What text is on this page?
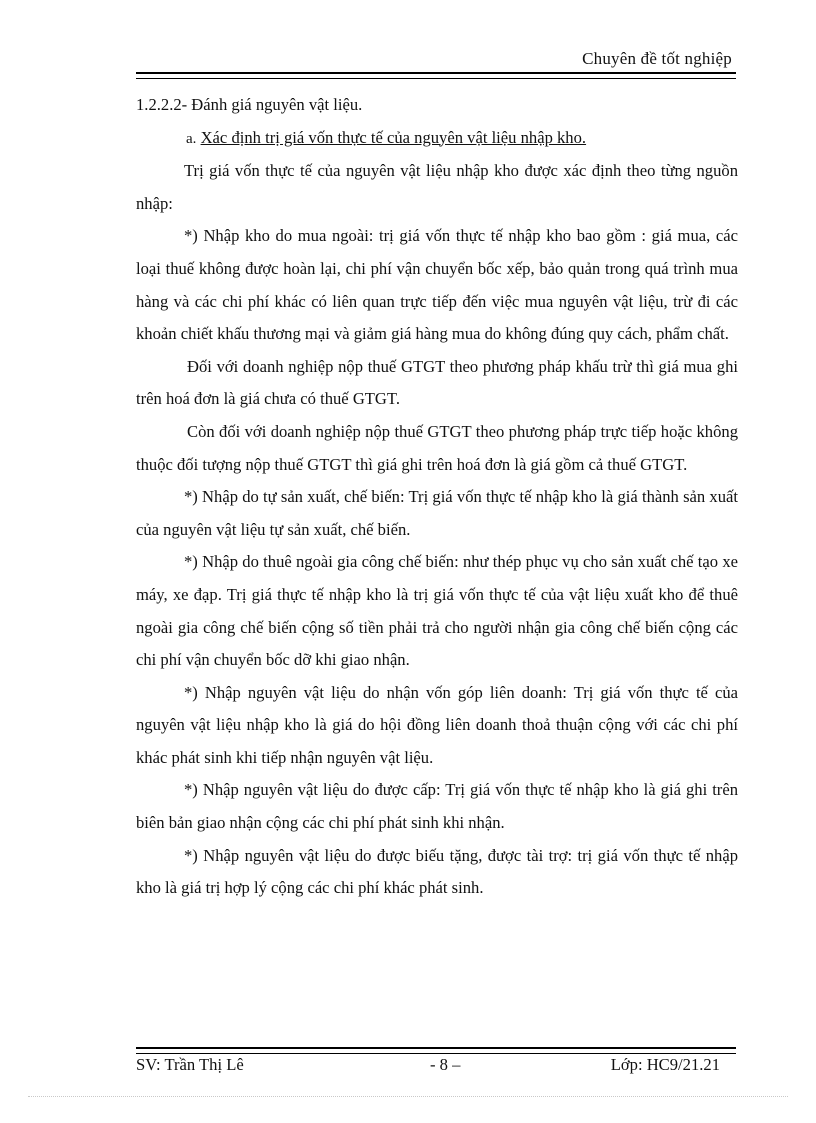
Chuyên đề tốt nghiệp

1.2.2.2- Đánh giá nguyên vật liệu.

a. Xác định trị giá vốn thực tế của nguyên vật liệu nhập kho.

Trị giá vốn thực tế của nguyên vật liệu nhập kho được xác định theo từng nguồn nhập:

*) Nhập kho do mua ngoài: trị giá vốn thực tế nhập kho bao gồm : giá mua, các loại thuế không được hoàn lại, chi phí vận chuyển bốc xếp, bảo quản trong quá trình mua hàng và các chi phí khác có liên quan trực tiếp đến việc mua nguyên vật liệu, trừ đi các khoản chiết khấu thương mại và giảm giá hàng mua do không đúng quy cách, phẩm chất.

Đối với doanh nghiệp nộp thuế GTGT theo phương pháp khấu trừ thì giá mua ghi trên hoá đơn là giá chưa có thuế GTGT.

Còn đối với doanh nghiệp nộp thuế GTGT theo phương pháp trực tiếp hoặc không thuộc đối tượng nộp thuế GTGT thì giá ghi trên hoá đơn là giá gồm cả thuế GTGT.

*) Nhập do tự sản xuất, chế biến: Trị giá vốn thực tế nhập kho là giá thành sản xuất của nguyên vật liệu tự sản xuất, chế biến.

*) Nhập do thuê ngoài gia công chế biến: như thép phục vụ cho sản xuất chế tạo xe máy, xe đạp. Trị giá thực tế nhập kho là trị giá vốn thực tế của vật liệu xuất kho để thuê ngoài gia công chế biến cộng số tiền phải trả cho người nhận gia công chế biến cộng các chi phí vận chuyển bốc dỡ khi giao nhận.

*) Nhập nguyên vật liệu do nhận vốn góp liên doanh: Trị giá vốn thực tế của nguyên vật liệu nhập kho là giá do hội đồng liên doanh thoả thuận cộng với các chi phí khác phát sinh khi tiếp nhận nguyên vật liệu.

*) Nhập nguyên vật liệu do được cấp: Trị giá vốn thực tế nhập kho là giá ghi trên biên bản giao nhận cộng các chi phí phát sinh khi nhận.

*) Nhập nguyên vật liệu do được biếu tặng, được tài trợ: trị giá vốn thực tế nhập kho là giá trị hợp lý cộng các chi phí khác phát sinh.

SV: Trần Thị Lê	- 8 –	Lớp: HC9/21.21
